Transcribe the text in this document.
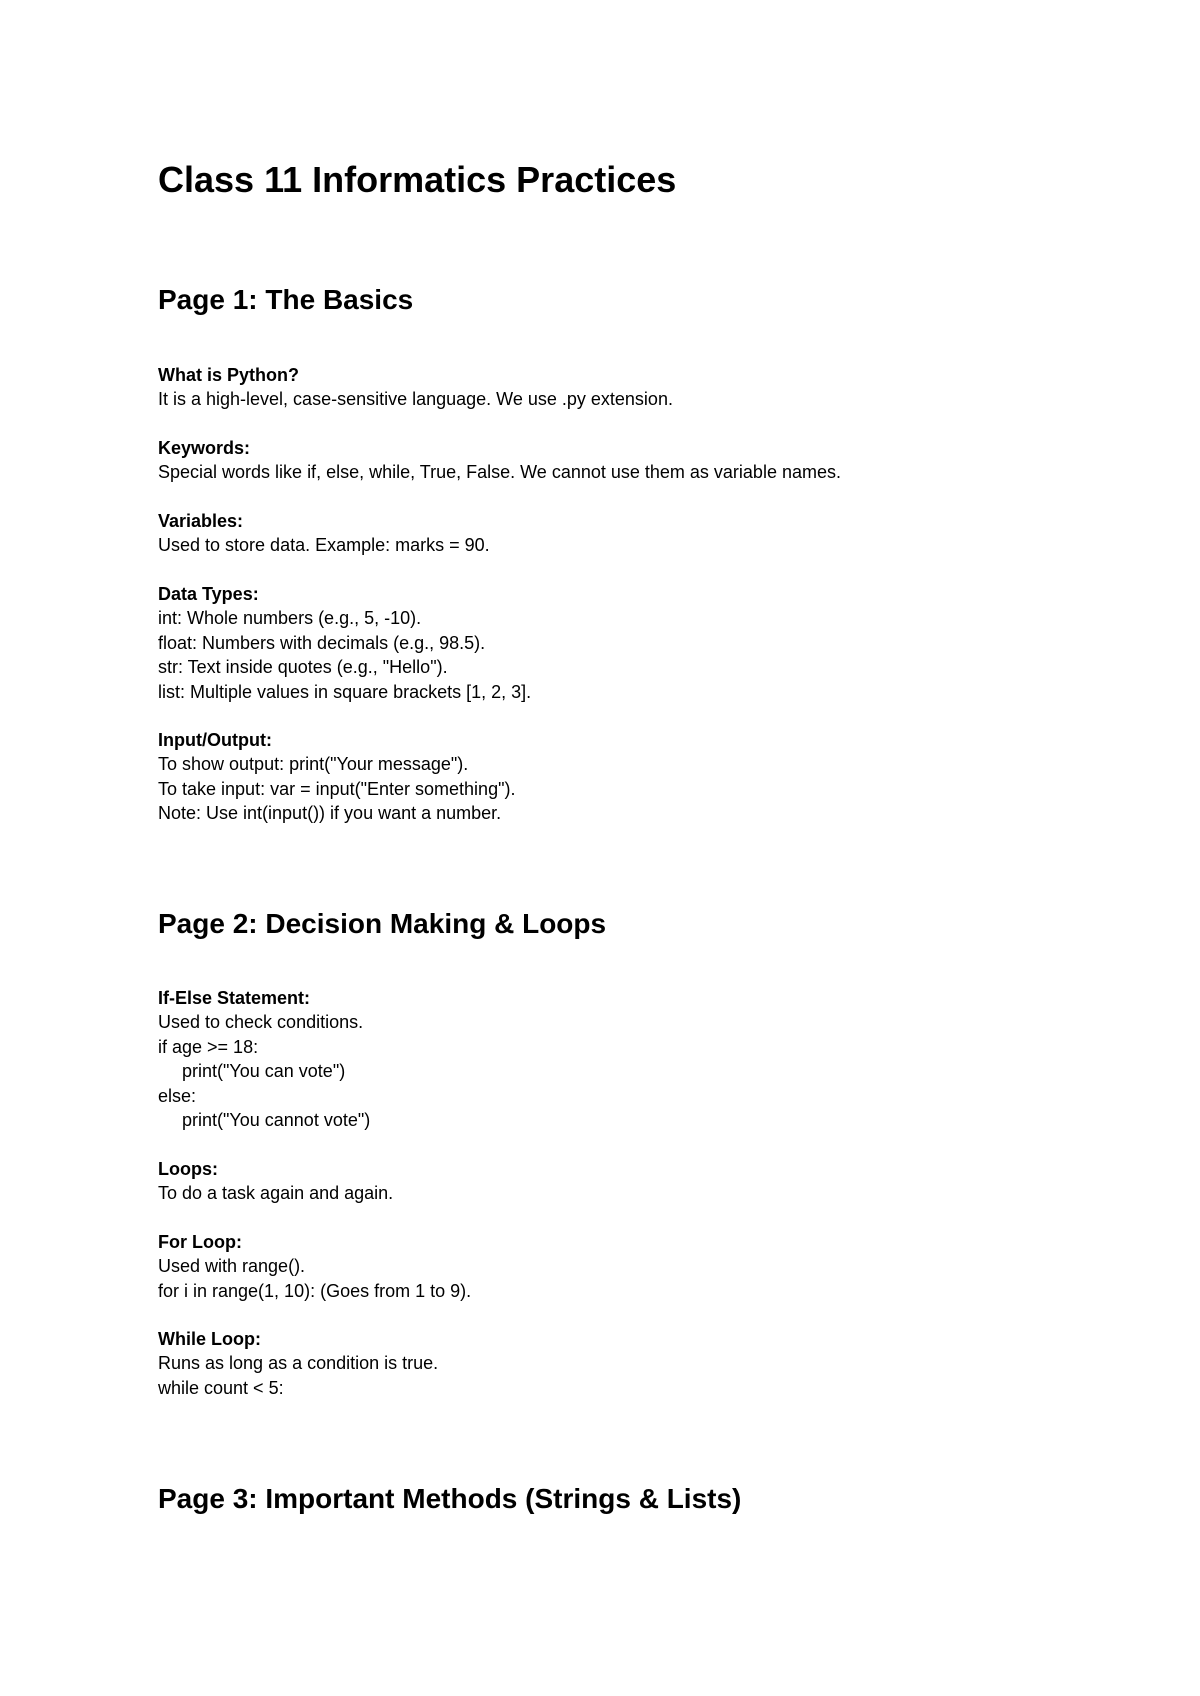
Class 11 Informatics Practices
Page 1: The Basics
What is Python?
It is a high-level, case-sensitive language. We use .py extension.
Keywords:
Special words like if, else, while, True, False. We cannot use them as variable names.
Variables:
Used to store data. Example: marks = 90.
Data Types:
int: Whole numbers (e.g., 5, -10).
float: Numbers with decimals (e.g., 98.5).
str: Text inside quotes (e.g., "Hello").
list: Multiple values in square brackets [1, 2, 3].
Input/Output:
To show output: print("Your message").
To take input: var = input("Enter something").
Note: Use int(input()) if you want a number.
Page 2: Decision Making & Loops
If-Else Statement:
Used to check conditions.
if age >= 18:
print("You can vote")
else:
print("You cannot vote")
Loops:
To do a task again and again.
For Loop:
Used with range().
for i in range(1, 10): (Goes from 1 to 9).
While Loop:
Runs as long as a condition is true.
while count < 5:
Page 3: Important Methods (Strings & Lists)
